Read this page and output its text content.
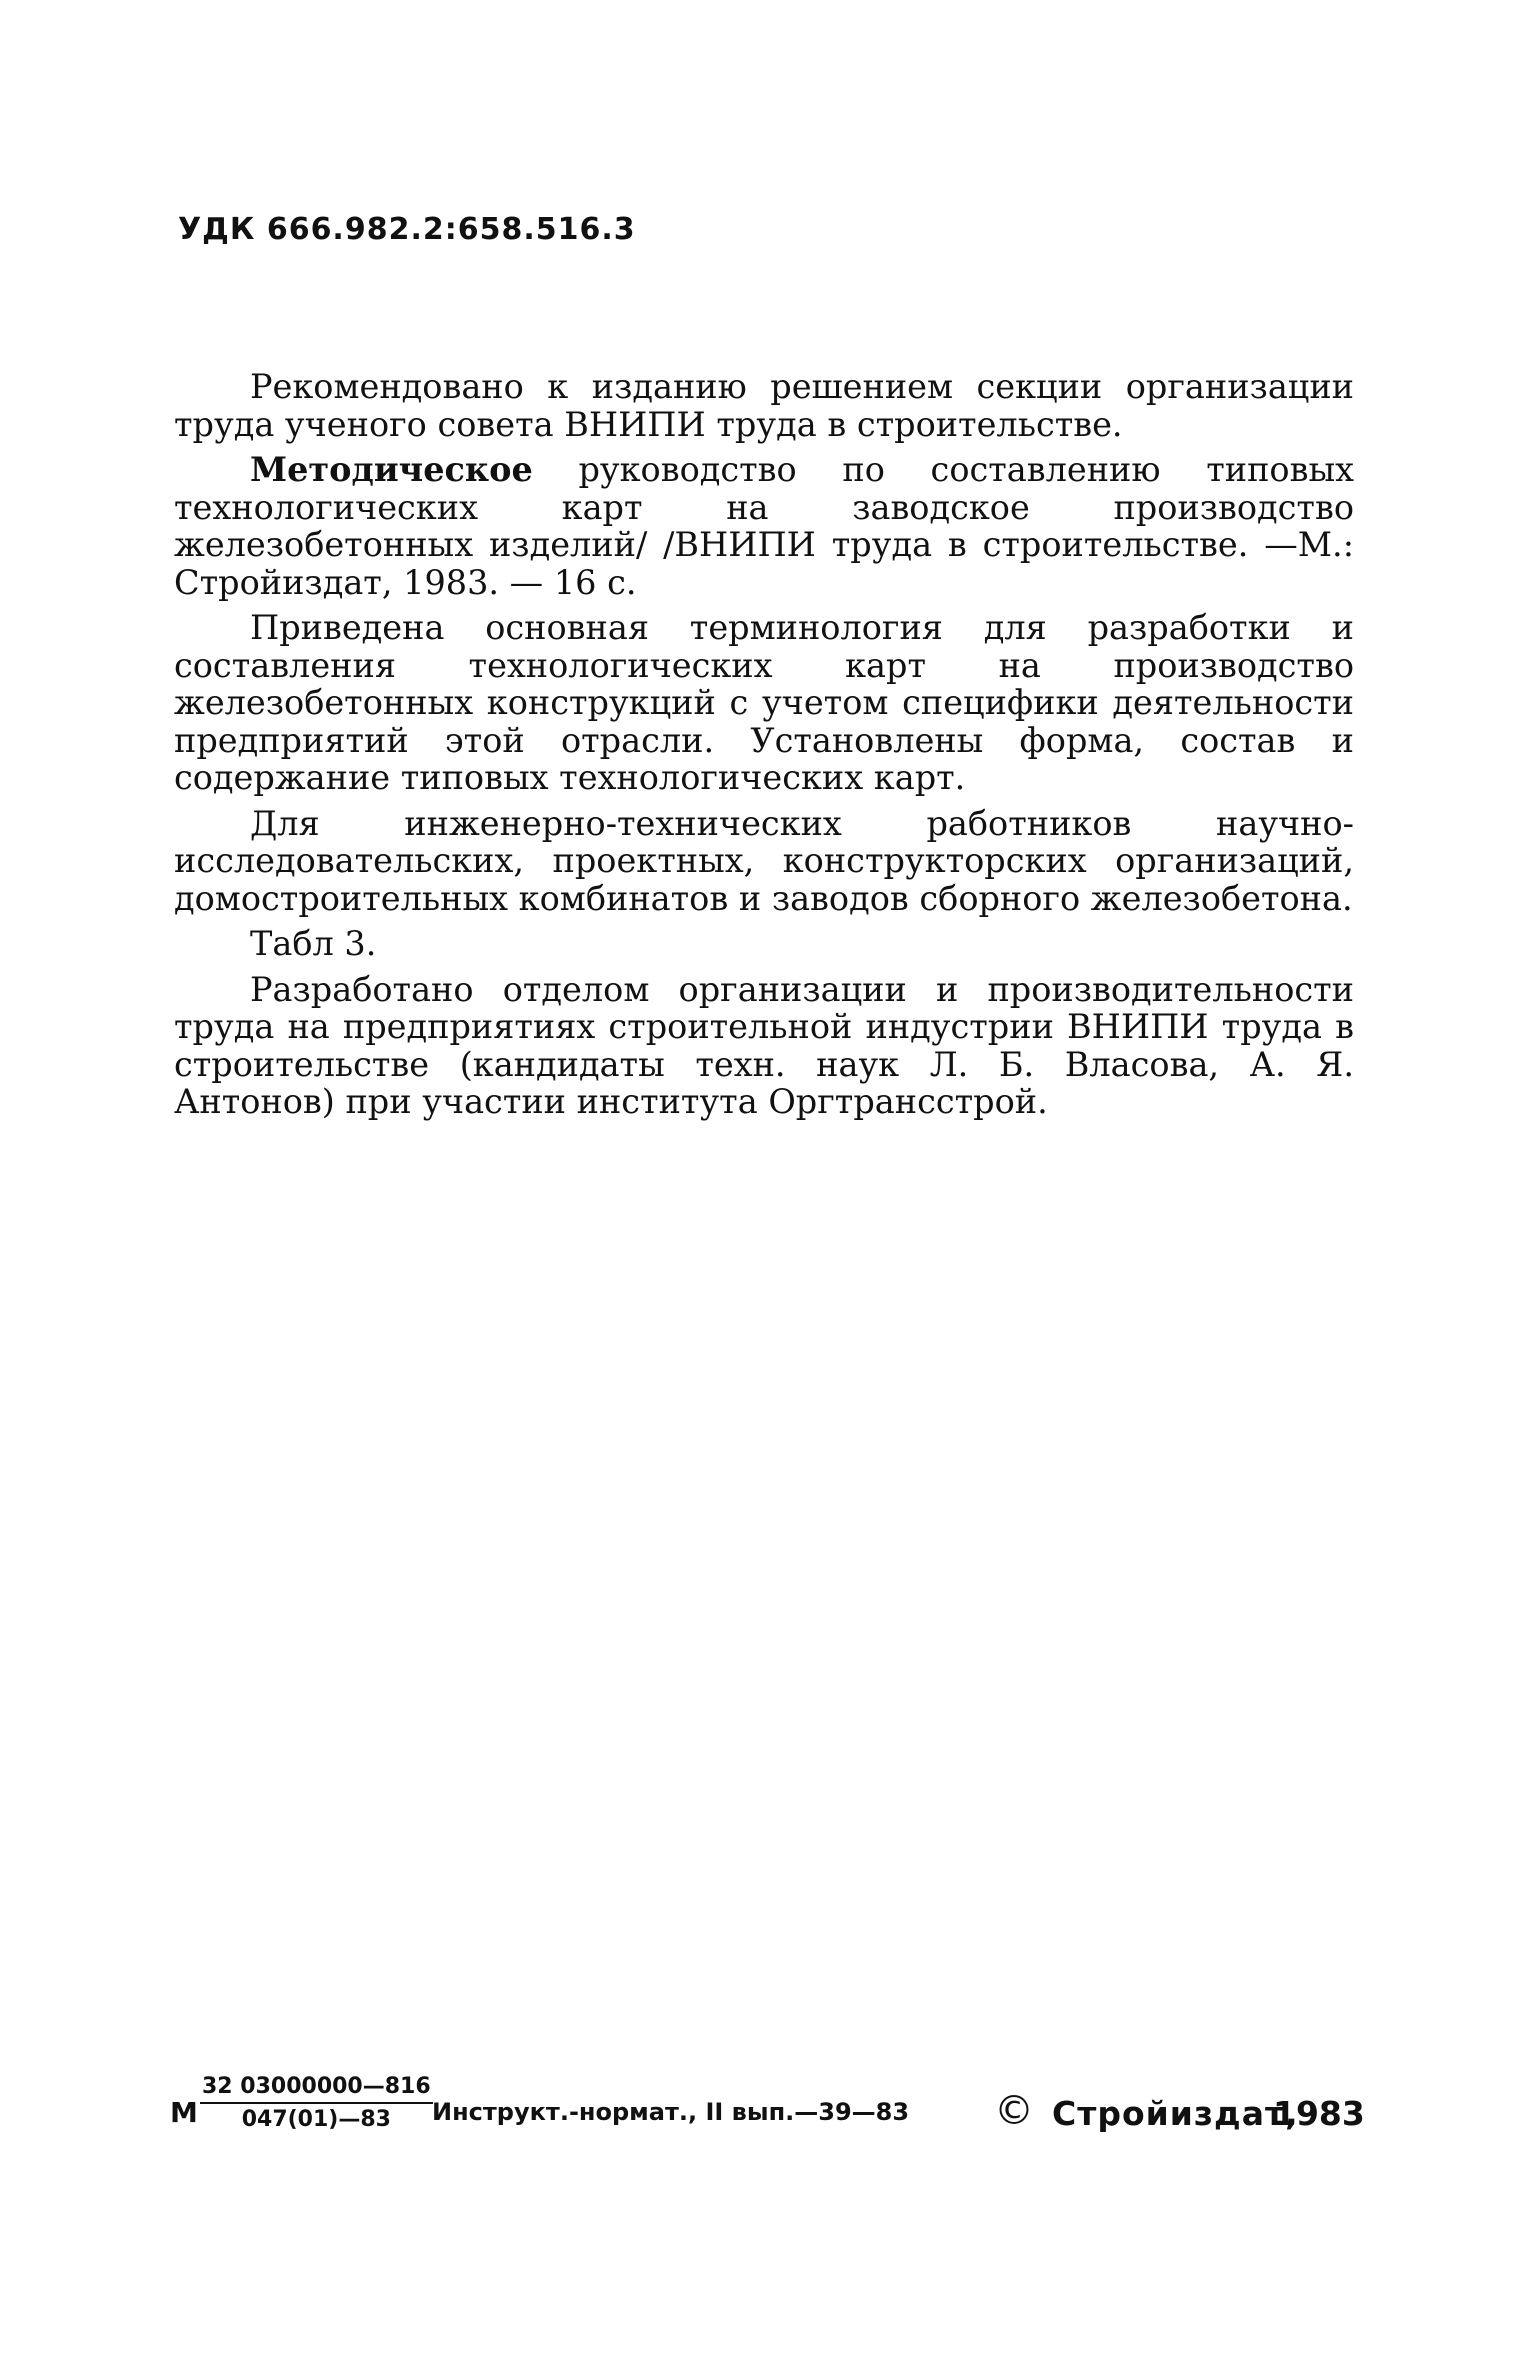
УДК 666.982.2:658.516.3

Рекомендовано к изданию решением секции организации труда ученого совета ВНИПИ труда в строительстве.

Методическое руководство по составлению типовых технологических карт на заводское производство железобетонных изделий/ /ВНИПИ труда в строительстве. —М.: Стройиздат, 1983. — 16 с.

Приведена основная терминология для разработки и составления технологических карт на производство железобетонных конструкций с учетом специфики деятельности предприятий этой отрасли. Установлены форма, состав и содержание типовых технологических карт.

Для инженерно-технических работников научно-исследовательских, проектных, конструкторских организаций, домостроительных комбинатов и заводов сборного железобетона.

Табл 3.

Разработано отделом организации и производительности труда на предприятиях строительной индустрии ВНИПИ труда в строительстве (кандидаты техн. наук Л. Б. Власова, А. Я. Антонов) при участии института Оргтрансстрой.

М $\frac{32 03000000—816}{047(01)—83}$ Инструкт.-нормат., II вып.—39—83 © Стройиздат,
1983
